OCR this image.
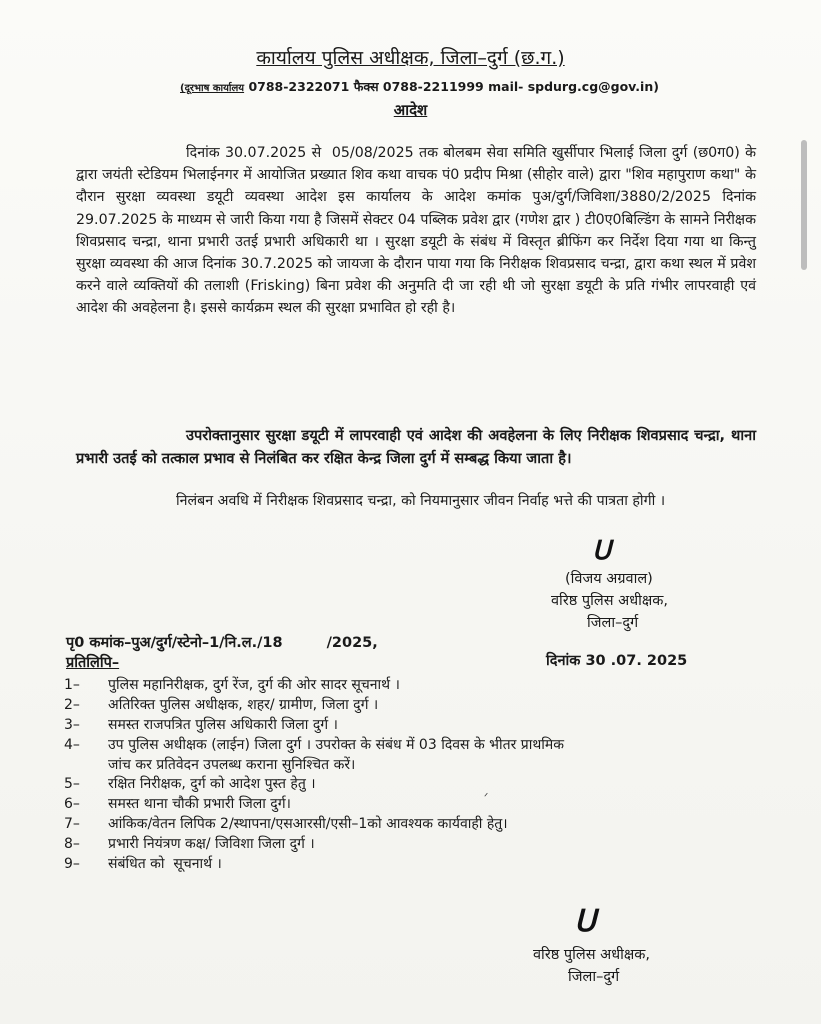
कार्यालय पुलिस अधीक्षक, जिला–दुर्ग (छ.ग.)
(दूरभाष कार्यालय 0788-2322071 फैक्स 0788-2211999 mail- spdurg.cg@gov.in)
आदेश
दिनांक 30.07.2025 से  05/08/2025 तक बोलबम सेवा समिति खुर्सीपार भिलाई जिला दुर्ग (छ0ग0) के द्वारा जयंती स्टेडियम भिलाईनगर में आयोजित प्रख्यात शिव कथा वाचक पं0 प्रदीप मिश्रा (सीहोर वाले) द्वारा "शिव महापुराण कथा" के दौरान सुरक्षा व्यवस्था डयूटी व्यवस्था आदेश इस कार्यालय के आदेश कमांक पुअ/दुर्ग/जिविशा/3880/2/2025 दिनांक 29.07.2025 के माध्यम से जारी किया गया है जिसमें सेक्टर 04 पब्लिक प्रवेश द्वार (गणेश द्वार ) टी0ए0बिल्डिंग के सामने निरीक्षक शिवप्रसाद चन्द्रा, थाना प्रभारी उतई प्रभारी अधिकारी था । सुरक्षा डयूटी के संबंध में विस्तृत ब्रीफिंग कर निर्देश दिया गया था किन्तु सुरक्षा व्यवस्था की आज दिनांक 30.7.2025 को जायजा के दौरान पाया गया कि निरीक्षक शिवप्रसाद चन्द्रा, द्वारा कथा स्थल में प्रवेश करने वाले व्यक्तियों की तलाशी (Frisking) बिना प्रवेश की अनुमति दी जा रही थी जो सुरक्षा डयूटी के प्रति गंभीर लापरवाही एवं आदेश की अवहेलना है। इससे कार्यक्रम स्थल की सुरक्षा प्रभावित हो रही है।
उपरोक्तानुसार सुरक्षा डयूटी में लापरवाही एवं आदेश की अवहेलना के लिए निरीक्षक शिवप्रसाद चन्द्रा, थाना प्रभारी उतई को तत्काल प्रभाव से निलंबित कर रक्षित केन्द्र जिला दुर्ग में सम्बद्ध किया जाता है।
निलंबन अवधि में निरीक्षक शिवप्रसाद चन्द्रा, को नियमानुसार जीवन निर्वाह भत्ते की पात्रता होगी ।
ᑌ
(विजय अग्रवाल)
वरिष्ठ पुलिस अधीक्षक,
जिला–दुर्ग
पृ0 कमांक–पुअ/दुर्ग/स्टेनो–1/नि.ल./18	/2025,
प्रतिलिपि–	दिनांक 30 .07. 2025
1–	पुलिस महानिरीक्षक, दुर्ग रेंज, दुर्ग की ओर सादर सूचनार्थ ।
2–	अतिरिक्त पुलिस अधीक्षक, शहर/ ग्रामीण, जिला दुर्ग ।
3–	समस्त राजपत्रित पुलिस अधिकारी जिला दुर्ग ।
4–	उप पुलिस अधीक्षक (लाईन) जिला दुर्ग । उपरोक्त के संबंध में 03 दिवस के भीतर प्राथमिक
जांच कर प्रतिवेदन उपलब्ध कराना सुनिश्चित करें।
5–	रक्षित निरीक्षक, दुर्ग को आदेश पुस्त हेतु ।
6–	समस्त थाना चौकी प्रभारी जिला दुर्ग।
7–	आंकिक/वेतन लिपिक 2/स्थापना/एसआरसी/एसी–1को आवश्यक कार्यवाही हेतु।
8–	प्रभारी नियंत्रण कक्ष/ जिविशा जिला दुर्ग ।
9–	संबंधित को  सूचनार्थ ।
ᐟ
ᑌ
वरिष्ठ पुलिस अधीक्षक,
जिला–दुर्ग
